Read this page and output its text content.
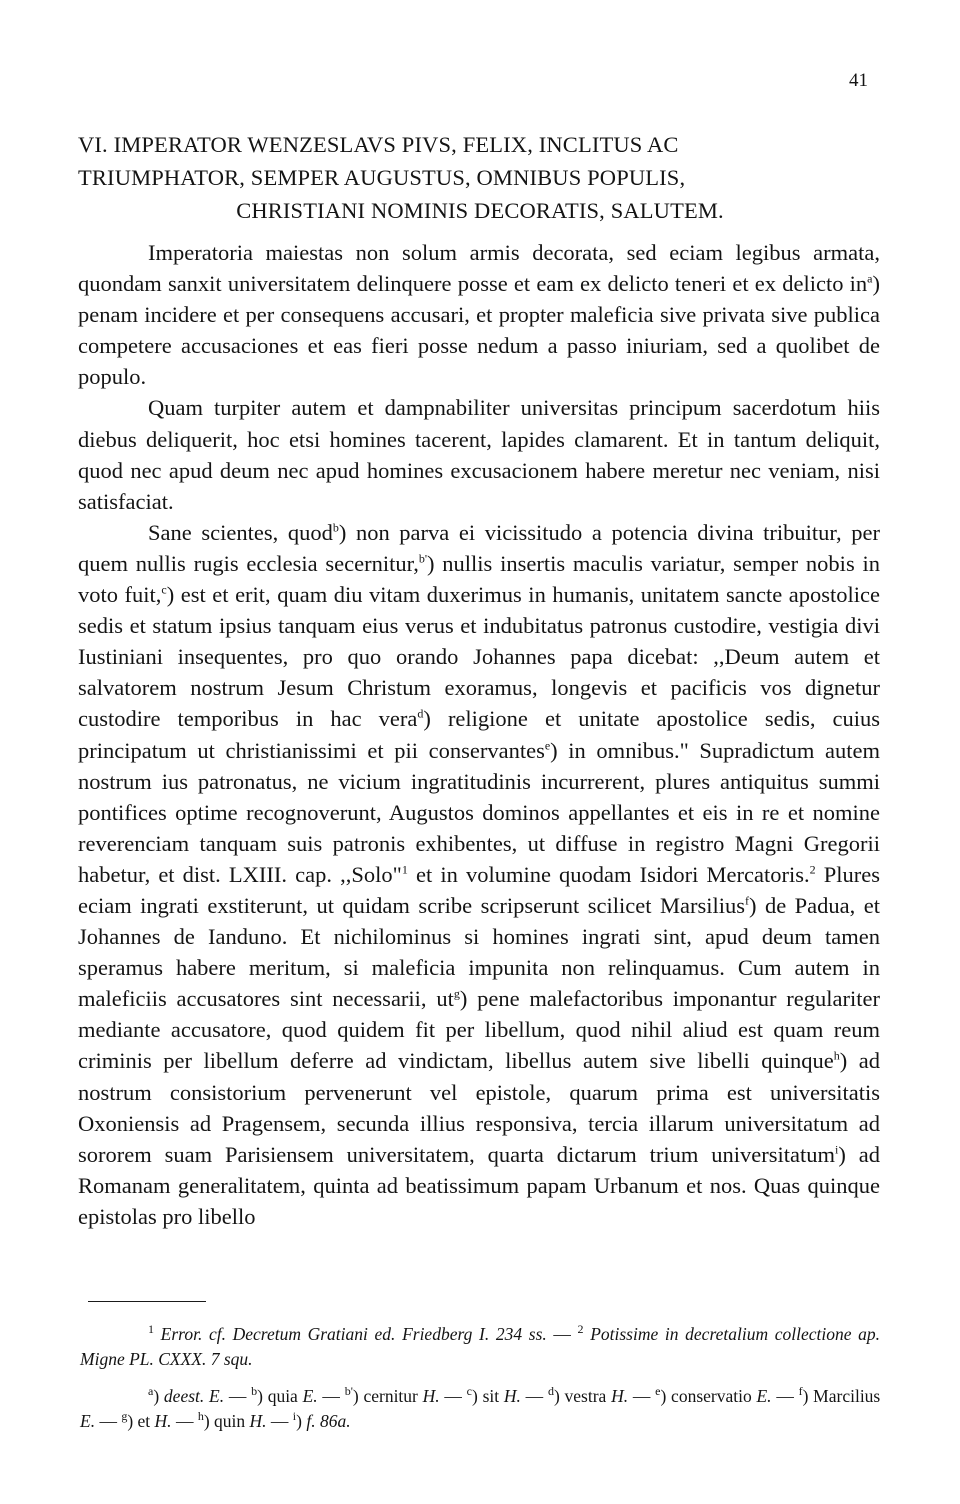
41
VI. IMPERATOR WENZESLAVS PIVS, FELIX, INCLITUS AC
TRIUMPHATOR, SEMPER AUGUSTUS, OMNIBUS POPULIS,
CHRISTIANI NOMINIS DECORATIS, SALUTEM.

Imperatoria maiestas non solum armis decorata, sed eciam legibus armata, quondam sanxit universitatem delinquere posse et eam ex delicto teneri et ex delicto in$^a$) penam incidere et per consequens accusari, et propter maleficia sive privata sive publica competere accusaciones et eas fieri posse nedum a passo iniuriam, sed a quolibet de populo.

Quam turpiter autem et dampnabiliter universitas principum sacerdotum hiis diebus deliquerit, hoc etsi homines tacerent, lapides clamarent. Et in tantum deliquit, quod nec apud deum nec apud homines excusacionem habere meretur nec veniam, nisi satisfaciat.

Sane scientes, quod$^b$) non parva ei vicissitudo a potencia divina tribuitur, per quem nullis rugis ecclesia secernitur,$^{b'}$) nullis insertis maculis variatur, semper nobis in voto fuit,$^c$) est et erit, quam diu vitam duxerimus in humanis, unitatem sancte apostolice sedis et statum ipsius tanquam eius verus et indubitatus patronus custodire, vestigia divi Iustiniani insequentes, pro quo orando Johannes papa dicebat: ,,Deum autem et salvatorem nostrum Jesum Christum exoramus, longevis et pacificis vos dignetur custodire temporibus in hac vera$^d$) religione et unitate apostolice sedis, cuius principatum ut christianissimi et pii conservantes$^e$) in omnibus." Supradictum autem nostrum ius patronatus, ne vicium ingratitudinis incurrerent, plures antiquitus summi pontifices optime recognoverunt, Augustos dominos appellantes et eis in re et nomine reverenciam tanquam suis patronis exhibentes, ut diffuse in registro Magni Gregorii habetur, et dist. LXIII. cap. ,,Solo"$^1$ et in volumine quodam Isidori Mercatoris.$^2$ Plures eciam ingrati exstiterunt, ut quidam scribe scripserunt scilicet Marsilius$^f$) de Padua, et Johannes de Ianduno. Et nichilominus si homines ingrati sint, apud deum tamen speramus habere meritum, si maleficia impunita non relinquamus. Cum autem in maleficiis accusatores sint necessarii, ut$^g$) pene malefactoribus imponantur regulariter mediante accusatore, quod quidem fit per libellum, quod nihil aliud est quam reum criminis per libellum deferre ad vindictam, libellus autem sive libelli quinque$^h$) ad nostrum consistorium pervenerunt vel epistole, quarum prima est universitatis Oxoniensis ad Pragensem, secunda illius responsiva, tercia illarum universitatum ad sororem suam Parisiensem universitatem, quarta dictarum trium universitatum$^i$) ad Romanam generalitatem, quinta ad beatissimum papam Urbanum et nos. Quas quinque epistolas pro libello

$^1$ Error. cf. Decretum Gratiani ed. Friedberg I. 234 ss. — $^2$ Potissime in decretalium collectione ap. Migne PL. CXXX. 7 squ.

$^a$) deest. E. — $^b$) quia E. — $^{b'}$) cernitur H. — $^c$) sit H. — $^d$) vestra H. — $^e$) conservatio E. — $^f$) Marcilius E. — $^g$) et H. — $^h$) quin H. — $^i$) f. 86a.
